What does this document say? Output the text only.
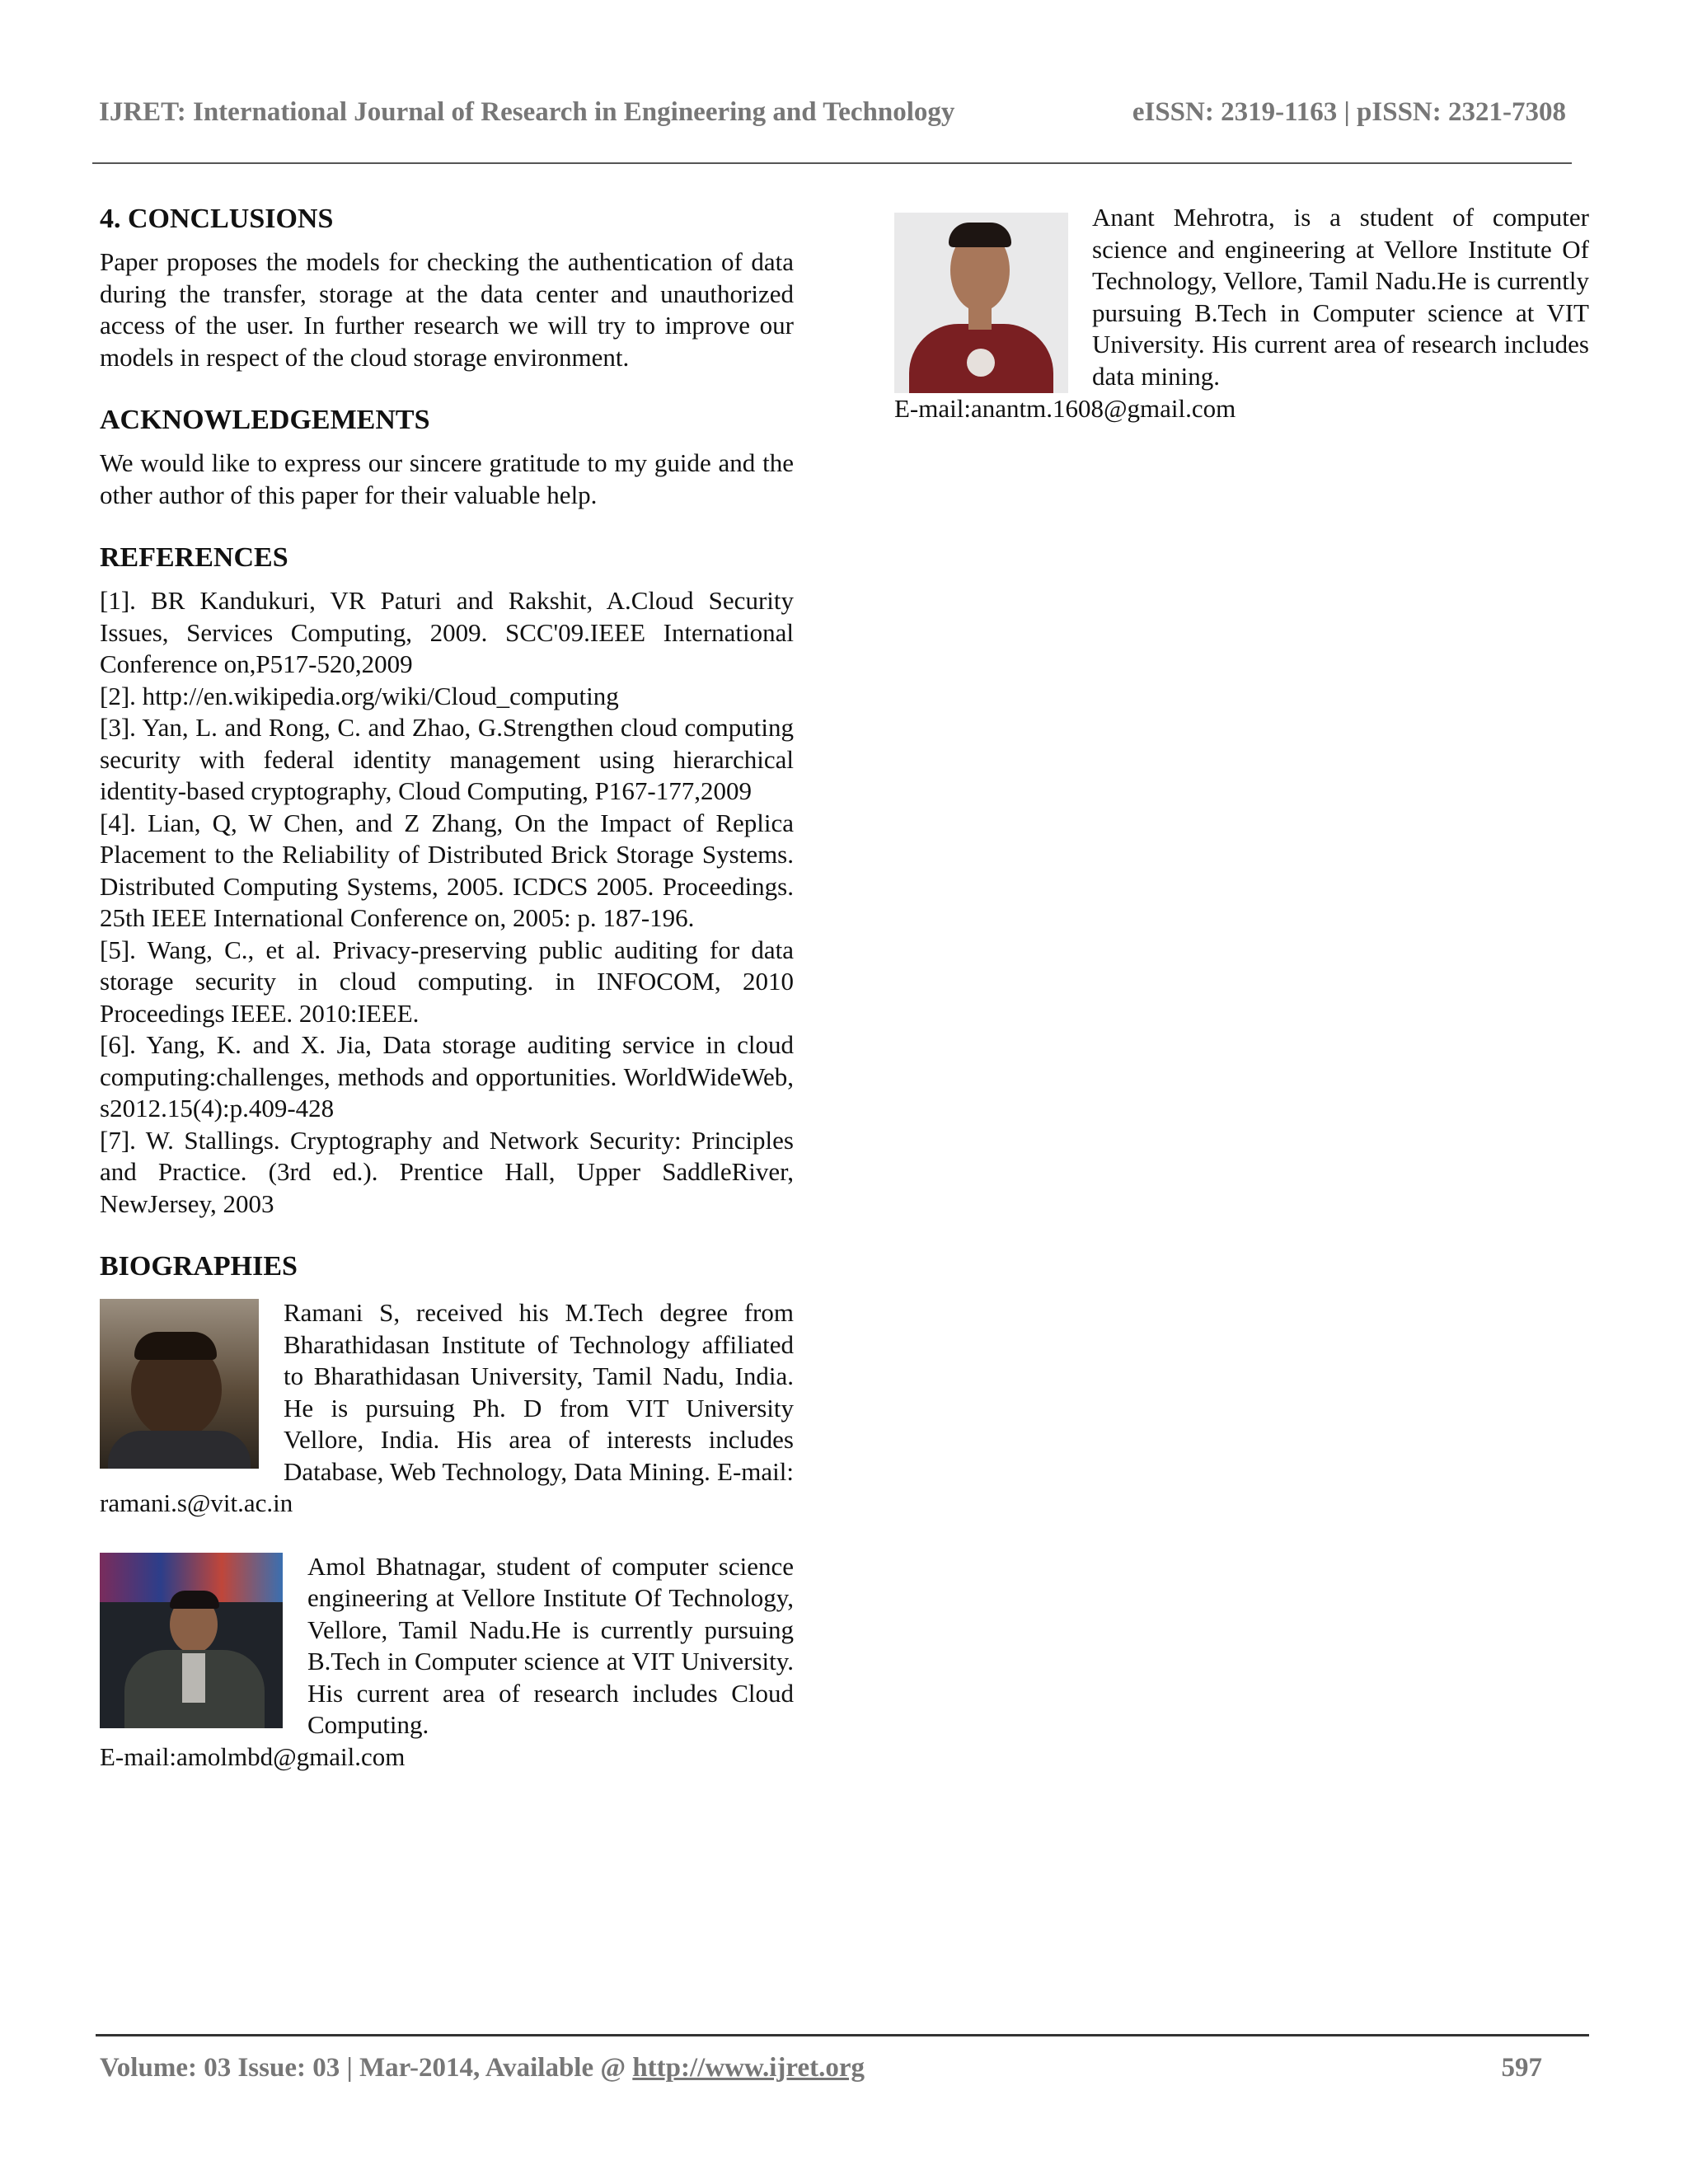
IJRET: International Journal of Research in Engineering and Technology	eISSN: 2319-1163 | pISSN: 2321-7308
4. CONCLUSIONS

Paper proposes the models for checking the authentication of data during the transfer, storage at the data center and unauthorized access of the user. In further research we will try to improve our models in respect of the cloud storage environment.

ACKNOWLEDGEMENTS

We would like to express our sincere gratitude to my guide and the other author of this paper for their valuable help.

REFERENCES
[1]. BR Kandukuri, VR Paturi and Rakshit, A.Cloud Security Issues, Services Computing, 2009. SCC'09.IEEE International Conference on,P517-520,2009
[2]. http://en.wikipedia.org/wiki/Cloud_computing
[3]. Yan, L. and Rong, C. and Zhao, G.Strengthen cloud computing security with federal identity management using hierarchical identity-based cryptography, Cloud Computing, P167-177,2009
[4]. Lian, Q, W Chen, and Z Zhang, On the Impact of Replica Placement to the Reliability of Distributed Brick Storage Systems. Distributed Computing Systems, 2005. ICDCS 2005. Proceedings. 25th IEEE International Conference on, 2005: p. 187-196.
[5]. Wang, C., et al. Privacy-preserving public auditing for data storage security in cloud computing. in INFOCOM, 2010 Proceedings IEEE. 2010:IEEE.
[6]. Yang, K. and X. Jia, Data storage auditing service in cloud computing:challenges, methods and opportunities. WorldWideWeb, s2012.15(4):p.409-428
[7]. W. Stallings. Cryptography and Network Security: Principles and Practice. (3rd ed.). Prentice Hall, Upper SaddleRiver, NewJersey, 2003
BIOGRAPHIES
Ramani S, received his M.Tech degree from Bharathidasan Institute of Technology affiliated to Bharathidasan University, Tamil Nadu, India. He is pursuing Ph. D from VIT University Vellore, India. His area of interests includes Database, Web Technology, Data Mining. E-mail: ramani.s@vit.ac.in
Amol Bhatnagar, student of computer science engineering at Vellore Institute Of Technology, Vellore, Tamil Nadu.He is currently pursuing B.Tech in Computer science at VIT University. His current area of research includes Cloud Computing.
E-mail:amolmbd@gmail.com
Anant Mehrotra, is a student of computer science and engineering at Vellore Institute Of Technology, Vellore, Tamil Nadu.He is currently pursuing B.Tech in Computer science at VIT University. His current area of research includes data mining.
E-mail:anantm.1608@gmail.com
Volume: 03 Issue: 03 | Mar-2014, Available @ http://www.ijret.org	597
